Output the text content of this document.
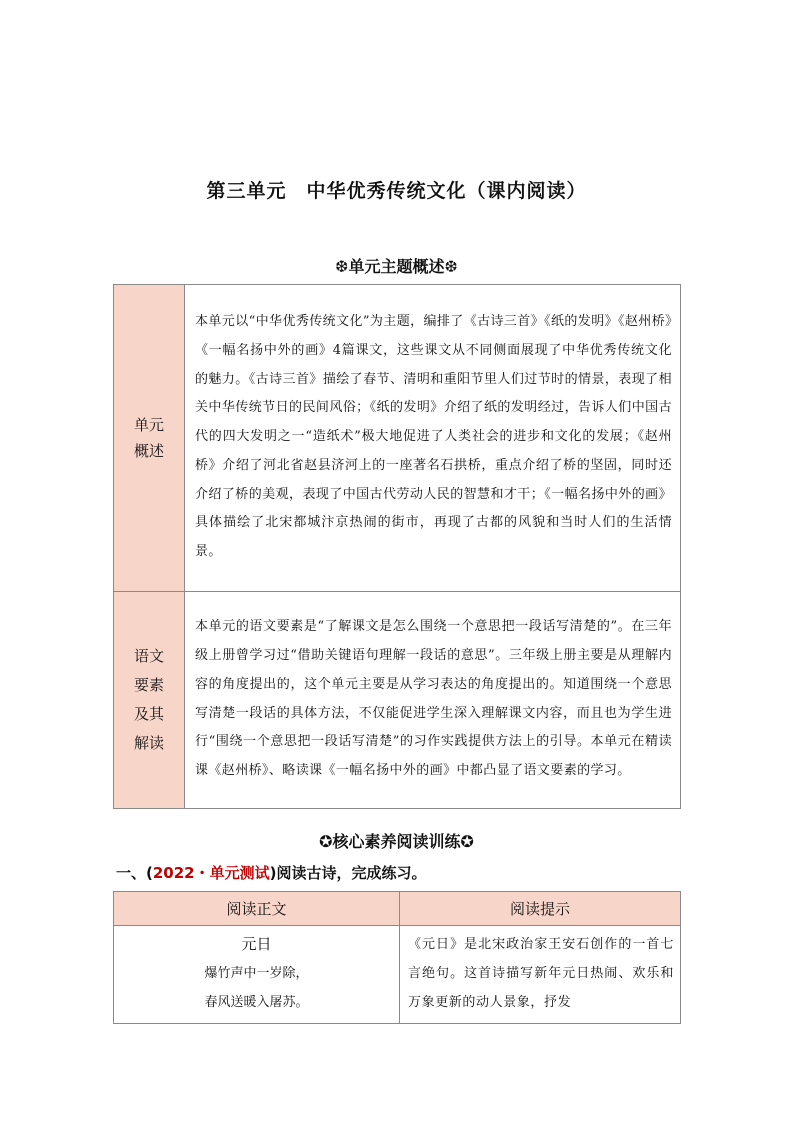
第三单元　中华优秀传统文化（课内阅读）
❆单元主题概述❆
单元概述	本单元以“中华优秀传统文化”为主题，编排了《古诗三首》《纸的发明》《赵州桥》《一幅名扬中外的画》4篇课文，这些课文从不同侧面展现了中华优秀传统文化的魅力。《古诗三首》描绘了春节、清明和重阳节里人们过节时的情景，表现了相关中华传统节日的民间风俗；《纸的发明》介绍了纸的发明经过，告诉人们中国古代的四大发明之一“造纸术”极大地促进了人类社会的进步和文化的发展；《赵州桥》介绍了河北省赵县济河上的一座著名石拱桥，重点介绍了桥的坚固，同时还介绍了桥的美观，表现了中国古代劳动人民的智慧和才干；《一幅名扬中外的画》具体描绘了北宋都城汴京热闹的街市，再现了古都的风貌和当时人们的生活情景。

语文要素及其解读	本单元的语文要素是“了解课文是怎么围绕一个意思把一段话写清楚的”。在三年级上册曾学习过“借助关键语句理解一段话的意思”。三年级上册主要是从理解内容的角度提出的，这个单元主要是从学习表达的角度提出的。知道围绕一个意思写清楚一段话的具体方法，不仅能促进学生深入理解课文内容，而且也为学生进行“围绕一个意思把一段话写清楚”的习作实践提供方法上的引导。本单元在精读课《赵州桥》、略读课《一幅名扬中外的画》中都凸显了语文要素的学习。
✪核心素养阅读训练✪
一、(2022・单元测试)阅读古诗，完成练习。
阅读正文	阅读提示

元日
爆竹声中一岁除，
春风送暖入屠苏。	《元日》是北宋政治家王安石创作的一首七言绝句。这首诗描写新年元日热闹、欢乐和万象更新的动人景象，抒发
